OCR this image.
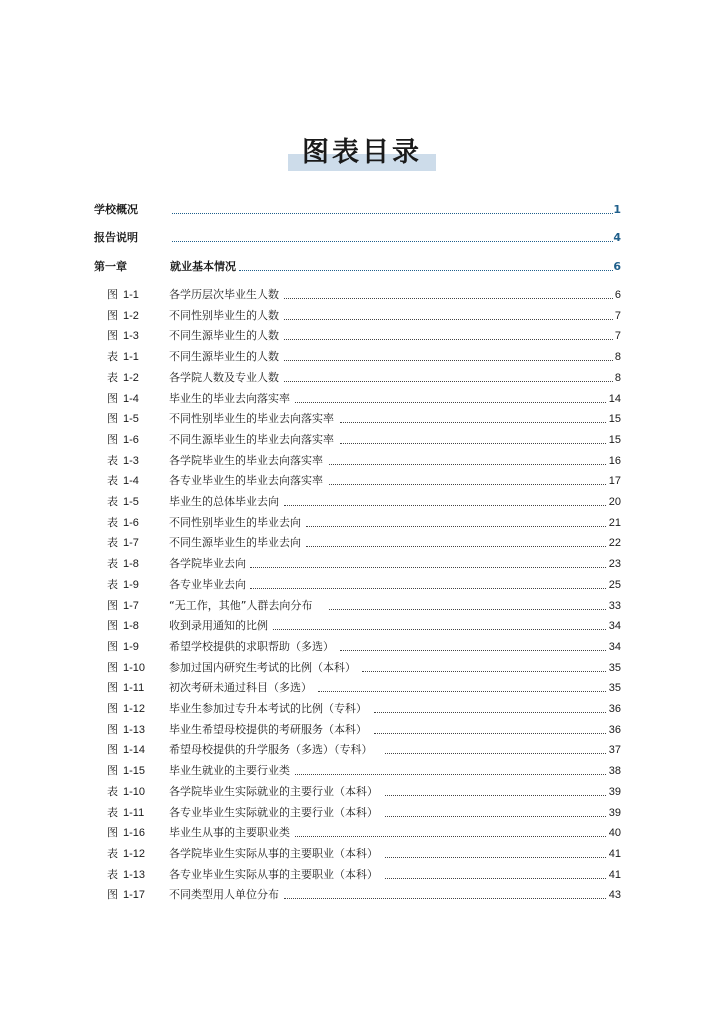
图表目录
学校概况	1
报告说明	4
第一章	就业基本情况	6
图 1-1	各学历层次毕业生人数	6
图 1-2	不同性别毕业生的人数	7
图 1-3	不同生源毕业生的人数	7
表 1-1	不同生源毕业生的人数	8
表 1-2	各学院人数及专业人数	8
图 1-4	毕业生的毕业去向落实率	14
图 1-5	不同性别毕业生的毕业去向落实率	15
图 1-6	不同生源毕业生的毕业去向落实率	15
表 1-3	各学院毕业生的毕业去向落实率	16
表 1-4	各专业毕业生的毕业去向落实率	17
表 1-5	毕业生的总体毕业去向	20
表 1-6	不同性别毕业生的毕业去向	21
表 1-7	不同生源毕业生的毕业去向	22
表 1-8	各学院毕业去向	23
表 1-9	各专业毕业去向	25
图 1-7	“无工作，其他”人群去向分布	33
图 1-8	收到录用通知的比例	34
图 1-9	希望学校提供的求职帮助（多选）	34
图 1-10 参加过国内研究生考试的比例（本科）	35
图 1-11 初次考研未通过科目（多选）	35
图 1-12 毕业生参加过专升本考试的比例（专科）	36
图 1-13 毕业生希望母校提供的考研服务（本科）	36
图 1-14 希望母校提供的升学服务（多选）（专科）	37
图 1-15 毕业生就业的主要行业类	38
表 1-10 各学院毕业生实际就业的主要行业（本科）	39
表 1-11 各专业毕业生实际就业的主要行业（本科）	39
图 1-16 毕业生从事的主要职业类	40
表 1-12 各学院毕业生实际从事的主要职业（本科）	41
表 1-13 各专业毕业生实际从事的主要职业（本科）	41
图 1-17 不同类型用人单位分布	43
